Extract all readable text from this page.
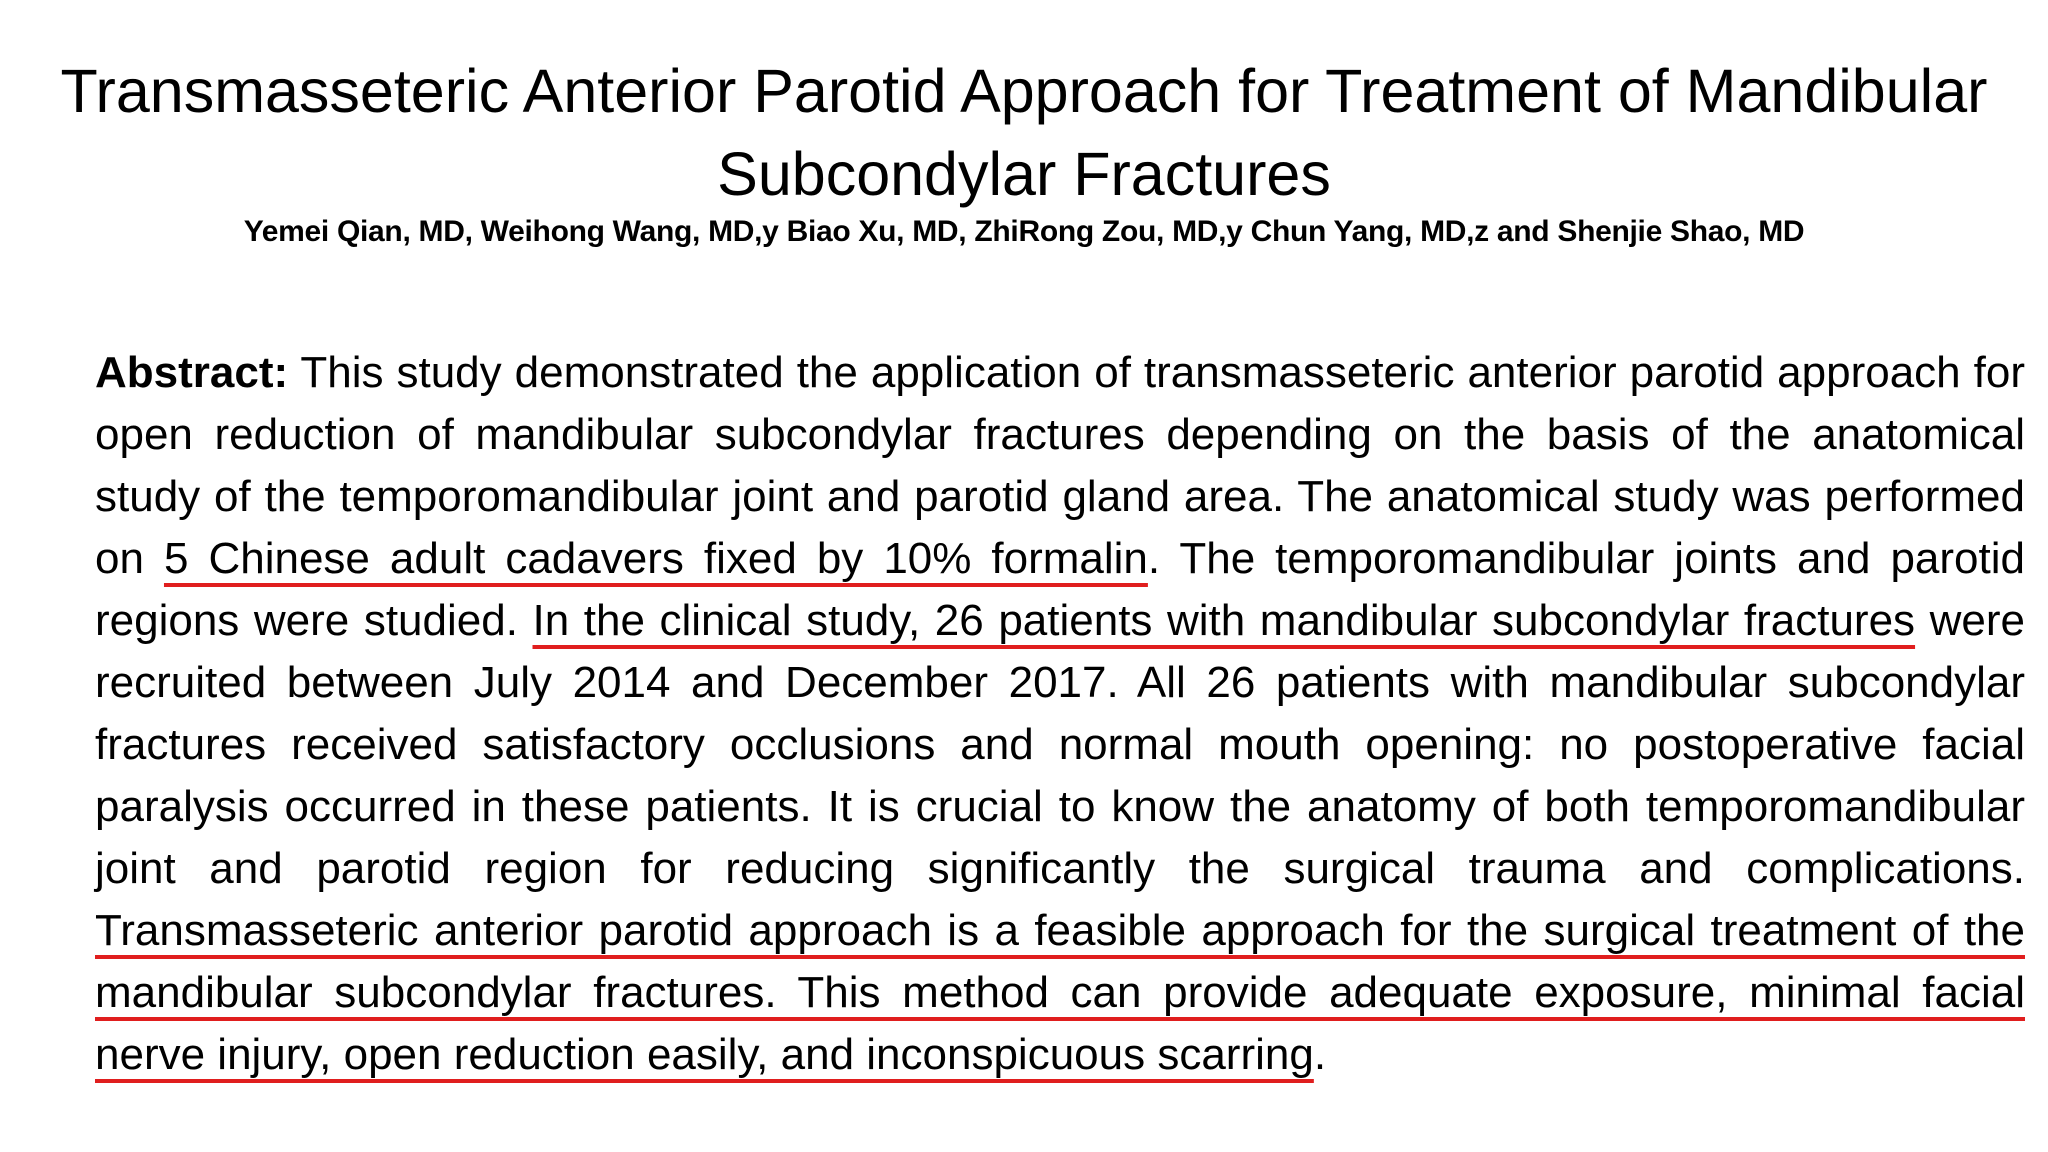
Transmasseteric Anterior Parotid Approach for Treatment of Mandibular Subcondylar Fractures

Yemei Qian, MD, Weihong Wang, MD,y Biao Xu, MD, ZhiRong Zou, MD,y Chun Yang, MD,z and Shenjie Shao, MD

Abstract: This study demonstrated the application of transmasseteric anterior parotid approach for open reduction of mandibular subcondylar fractures depending on the basis of the anatomical study of the temporomandibular joint and parotid gland area. The anatomical study was performed on 5 Chinese adult cadavers fixed by 10% formalin. The temporomandibular joints and parotid regions were studied. In the clinical study, 26 patients with mandibular subcondylar fractures were recruited between July 2014 and December 2017. All 26 patients with mandibular subcondylar fractures received satisfactory occlusions and normal mouth opening: no postoperative facial paralysis occurred in these patients. It is crucial to know the anatomy of both temporomandibular joint and parotid region for reducing significantly the surgical trauma and complications. Transmasseteric anterior parotid approach is a feasible approach for the surgical treatment of the mandibular subcondylar fractures. This method can provide adequate exposure, minimal facial nerve injury, open reduction easily, and inconspicuous scarring.
